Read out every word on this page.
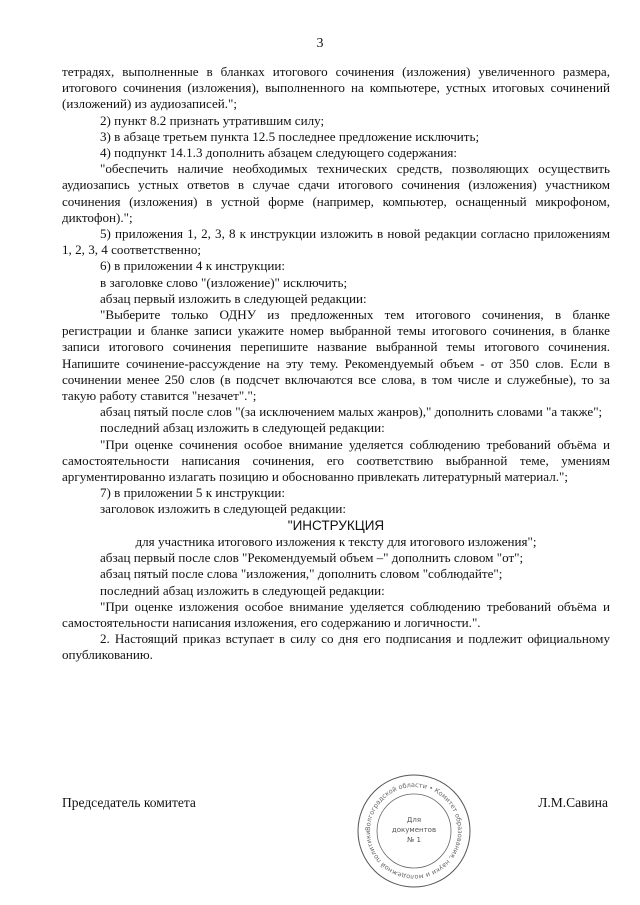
3

тетрадях, выполненные в бланках итогового сочинения (изложения) увеличенного размера, итогового сочинения (изложения), выполненного на компьютере, устных итоговых сочинений (изложений) из аудиозаписей.";

2) пункт 8.2 признать утратившим силу;

3) в абзаце третьем пункта 12.5 последнее предложение исключить;

4) подпункт 14.1.3 дополнить абзацем следующего содержания:

"обеспечить наличие необходимых технических средств, позволяющих осуществить аудиозапись устных ответов в случае сдачи итогового сочинения (изложения) участником сочинения (изложения) в устной форме (например, компьютер, оснащенный микрофоном, диктофон).";

5) приложения 1, 2, 3, 8 к инструкции изложить в новой редакции согласно приложениям 1, 2, 3, 4 соответственно;

6) в приложении 4 к инструкции:

в заголовке слово "(изложение)" исключить;

абзац первый изложить в следующей редакции:

"Выберите только ОДНУ из предложенных тем итогового сочинения, в бланке регистрации и бланке записи укажите номер выбранной темы итогового сочинения, в бланке записи итогового сочинения перепишите название выбранной темы итогового сочинения. Напишите сочинение-рассуждение на эту тему. Рекомендуемый объем - от 350 слов. Если в сочинении менее 250 слов (в подсчет включаются все слова, в том числе и служебные), то за такую работу ставится "незачет".";

абзац пятый после слов "(за исключением малых жанров)," дополнить словами "а также";

последний абзац изложить в следующей редакции:

"При оценке сочинения особое внимание уделяется соблюдению требований объёма и самостоятельности написания сочинения, его соответствию выбранной теме, умениям аргументированно излагать позицию и обоснованно привлекать литературный материал.";

7) в приложении 5 к инструкции:

заголовок изложить в следующей редакции:

"ИНСТРУКЦИЯ

для участника итогового изложения к тексту для итогового изложения";

абзац первый после слов "Рекомендуемый объем –" дополнить словом "от";

абзац пятый после слова "изложения," дополнить словом "соблюдайте";

последний абзац изложить в следующей редакции:

"При оценке изложения особое внимание уделяется соблюдению требований объёма и самостоятельности написания изложения, его содержанию и логичности.".

2. Настоящий приказ вступает в силу со дня его подписания и подлежит официальному опубликованию.

Председатель комитета	Л.М.Савина
Волгоградской области • Комитет образования, науки и молодежной политики
Для
документов
№ 1
